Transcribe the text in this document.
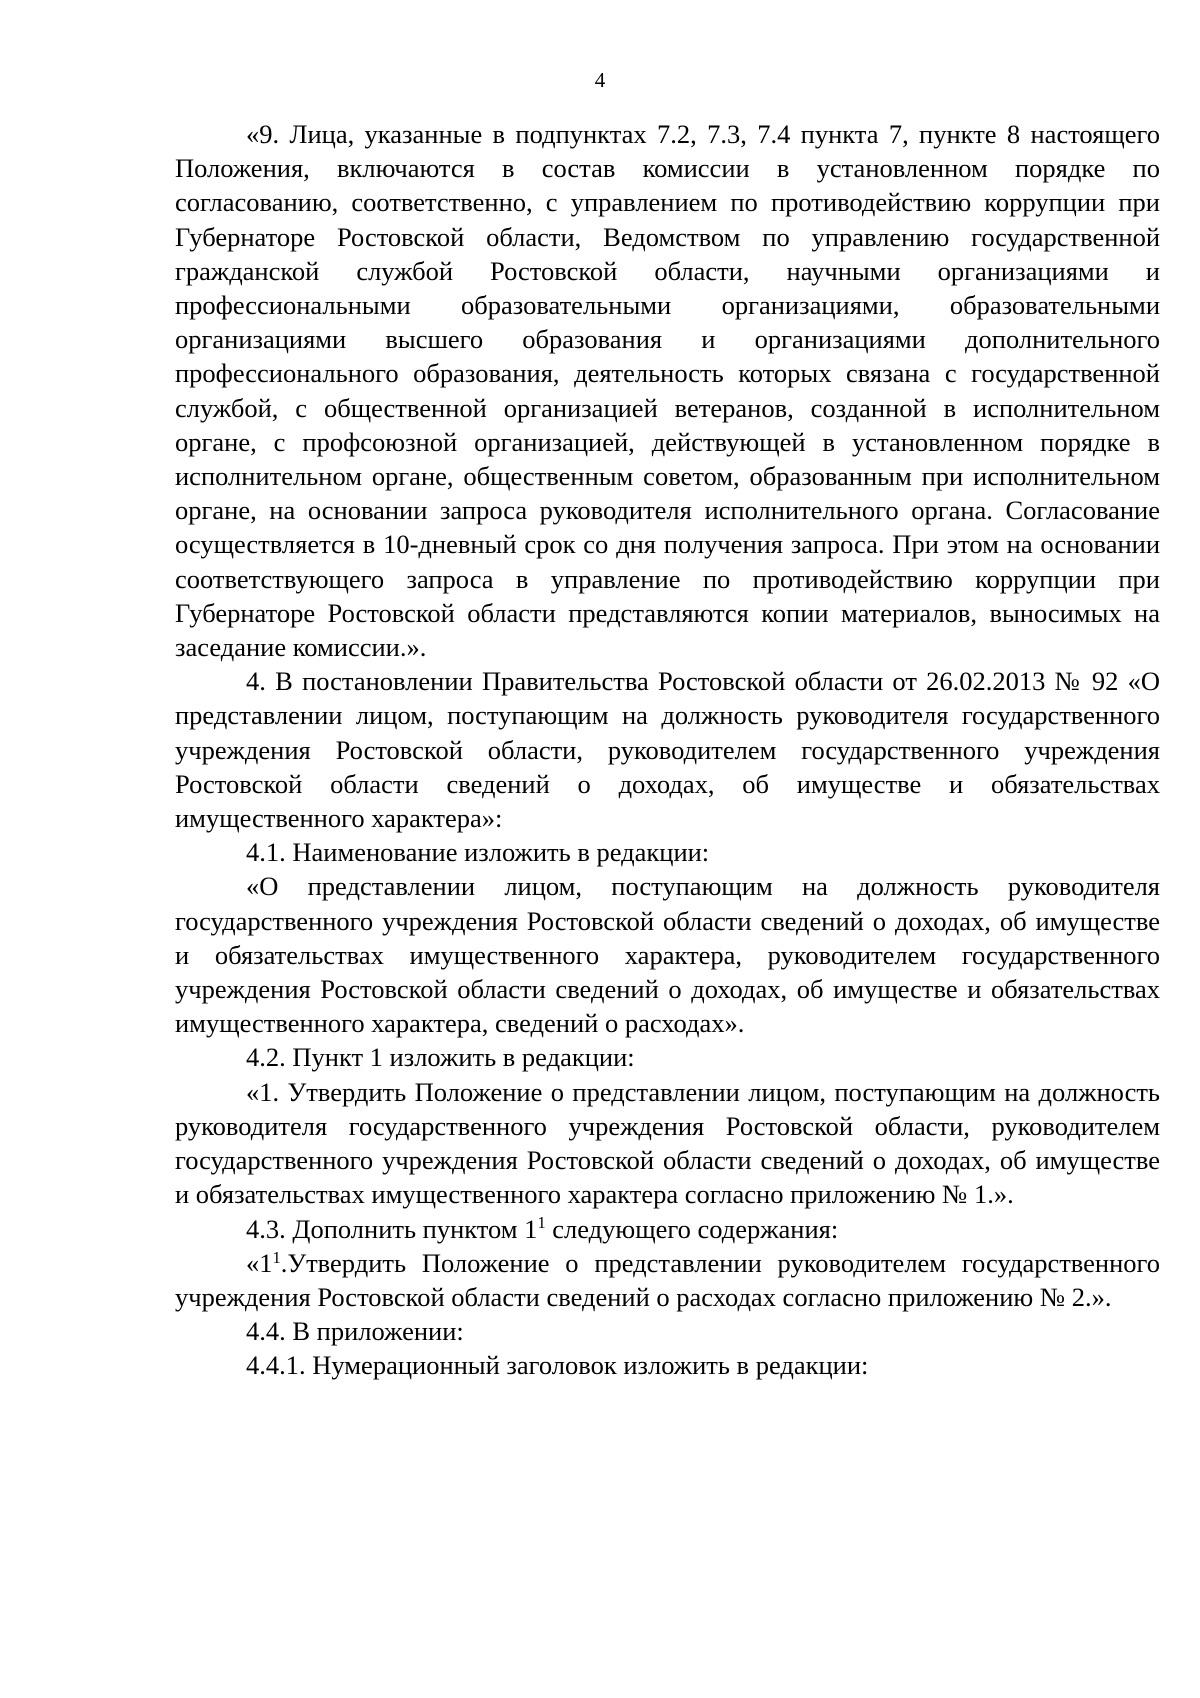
4

«9. Лица, указанные в подпунктах 7.2, 7.3, 7.4 пункта 7, пункте 8 настоящего Положения, включаются в состав комиссии в установленном порядке по согласованию, соответственно, с управлением по противодействию коррупции при Губернаторе Ростовской области, Ведомством по управлению государственной гражданской службой Ростовской области, научными организациями и профессиональными образовательными организациями, образовательными организациями высшего образования и организациями дополнительного профессионального образования, деятельность которых связана с государственной службой, с общественной организацией ветеранов, созданной в исполнительном органе, с профсоюзной организацией, действующей в установленном порядке в исполнительном органе, общественным советом, образованным при исполнительном органе, на основании запроса руководителя исполнительного органа. Согласование осуществляется в 10-дневный срок со дня получения запроса. При этом на основании соответствующего запроса в управление по противодействию коррупции при Губернаторе Ростовской области представляются копии материалов, выносимых на заседание комиссии.».

4. В постановлении Правительства Ростовской области от 26.02.2013 № 92 «О представлении лицом, поступающим на должность руководителя государственного учреждения Ростовской области, руководителем государственного учреждения Ростовской области сведений о доходах, об имуществе и обязательствах имущественного характера»:

4.1. Наименование изложить в редакции:

«О представлении лицом, поступающим на должность руководителя государственного учреждения Ростовской области сведений о доходах, об имуществе и обязательствах имущественного характера, руководителем государственного учреждения Ростовской области сведений о доходах, об имуществе и обязательствах имущественного характера, сведений о расходах».

4.2. Пункт 1 изложить в редакции:

«1. Утвердить Положение о представлении лицом, поступающим на должность руководителя государственного учреждения Ростовской области, руководителем государственного учреждения Ростовской области сведений о доходах, об имуществе и обязательствах имущественного характера согласно приложению № 1.».

4.3. Дополнить пунктом $1^1$ следующего содержания:

«$1^1.Утвердить$ Положение о представлении руководителем государственного учреждения Ростовской области сведений о расходах согласно приложению № 2.».

4.4. В приложении:

4.4.1. Нумерационный заголовок изложить в редакции:
